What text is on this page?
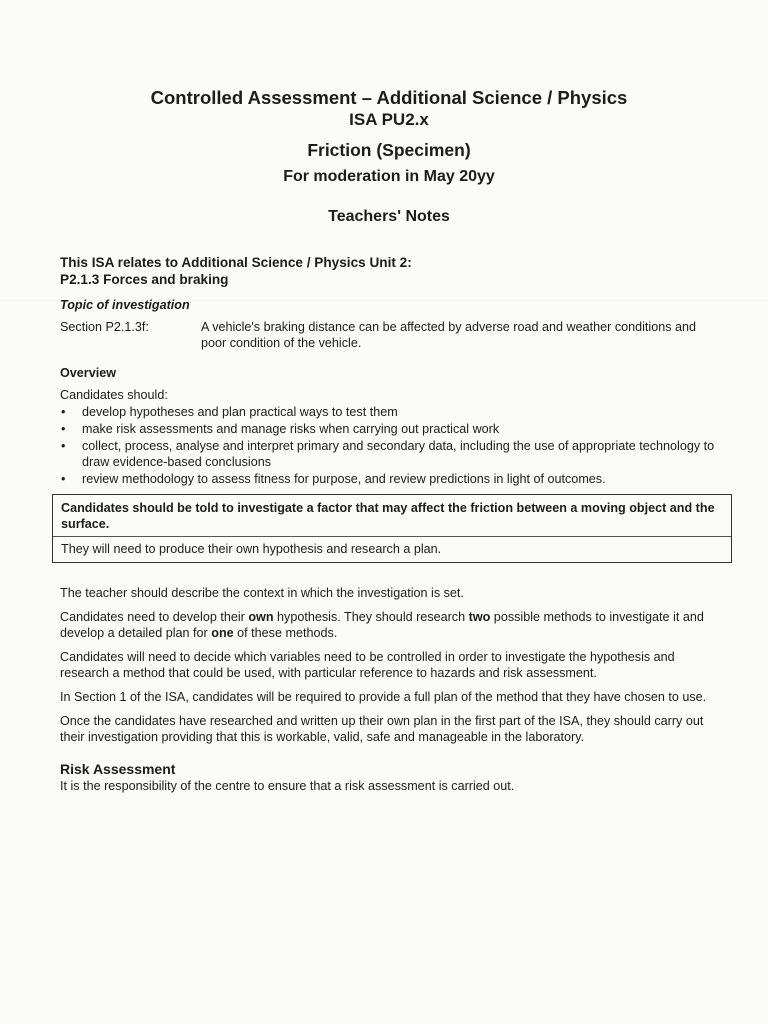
Controlled Assessment – Additional Science / Physics

ISA PU2.x

Friction (Specimen)

For moderation in May 20yy

Teachers' Notes

This ISA relates to Additional Science / Physics Unit 2:

P2.1.3 Forces and braking

Topic of investigation

Section P2.1.3f:	A vehicle's braking distance can be affected by adverse road and weather conditions and poor condition of the vehicle.

Overview

Candidates should:

• develop hypotheses and plan practical ways to test them
• make risk assessments and manage risks when carrying out practical work
• collect, process, analyse and interpret primary and secondary data, including the use of appropriate technology to draw evidence-based conclusions
• review methodology to assess fitness for purpose, and review predictions in light of outcomes.

Candidates should be told to investigate a factor that may affect the friction between a moving object and the surface.

They will need to produce their own hypothesis and research a plan.

The teacher should describe the context in which the investigation is set.

Candidates need to develop their own hypothesis. They should research two possible methods to investigate it and develop a detailed plan for one of these methods.

Candidates will need to decide which variables need to be controlled in order to investigate the hypothesis and research a method that could be used, with particular reference to hazards and risk assessment.

In Section 1 of the ISA, candidates will be required to provide a full plan of the method that they have chosen to use.

Once the candidates have researched and written up their own plan in the first part of the ISA, they should carry out their investigation providing that this is workable, valid, safe and manageable in the laboratory.

Risk Assessment

It is the responsibility of the centre to ensure that a risk assessment is carried out.
